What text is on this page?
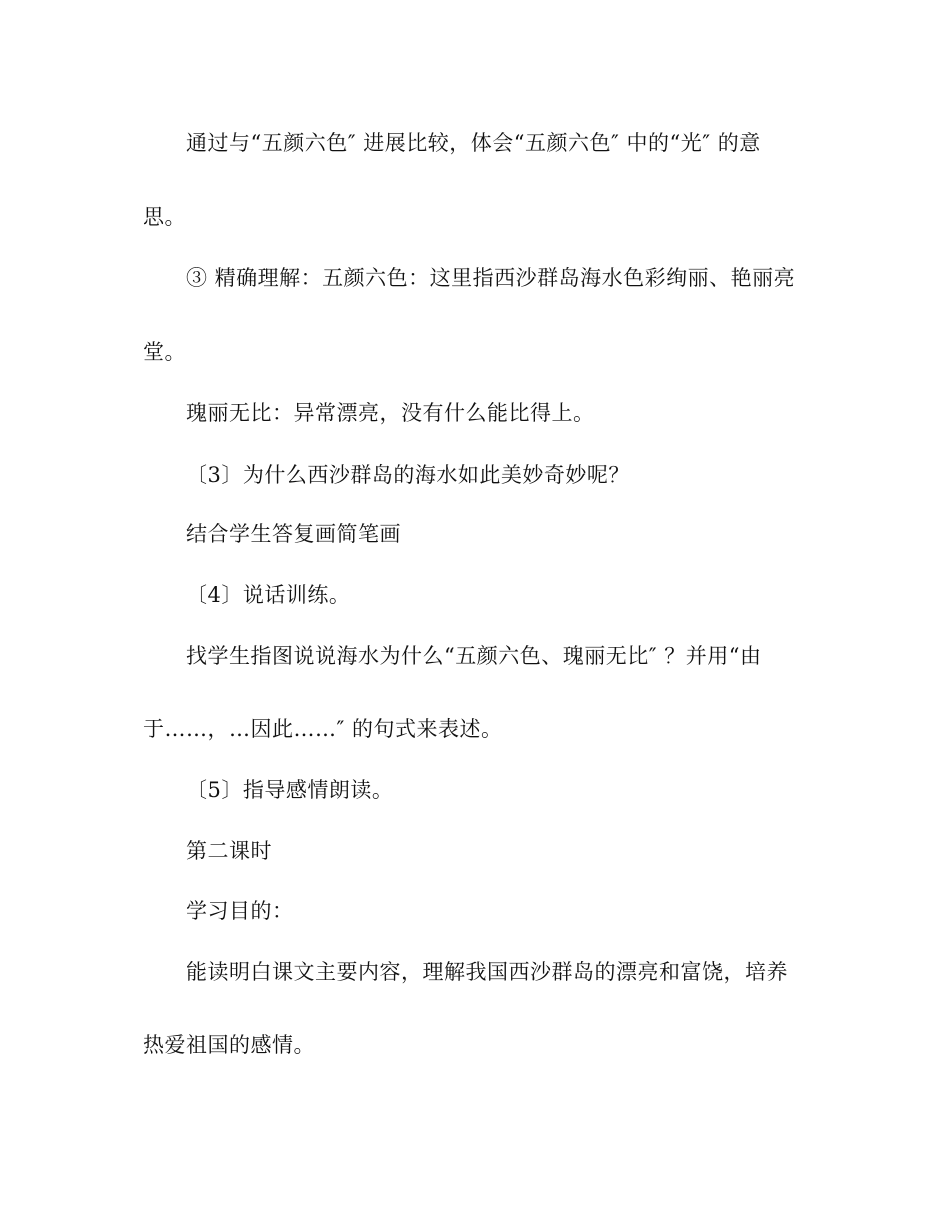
通过与“五颜六色″ 进展比较，体会“五颜六色″ 中的“光″ 的意
思。
③ 精确理解：五颜六色：这里指西沙群岛海水色彩绚丽、艳丽亮
堂。
瑰丽无比：异常漂亮，没有什么能比得上。
〔3〕为什么西沙群岛的海水如此美妙奇妙呢？
结合学生答复画简笔画
〔4〕说话训练。
找学生指图说说海水为什么“五颜六色、瑰丽无比″ ？并用“由
于……，…因此……″ 的句式来表述。
〔5〕指导感情朗读。
第二课时
学习目的：
能读明白课文主要内容，理解我国西沙群岛的漂亮和富饶，培养
热爱祖国的感情。
